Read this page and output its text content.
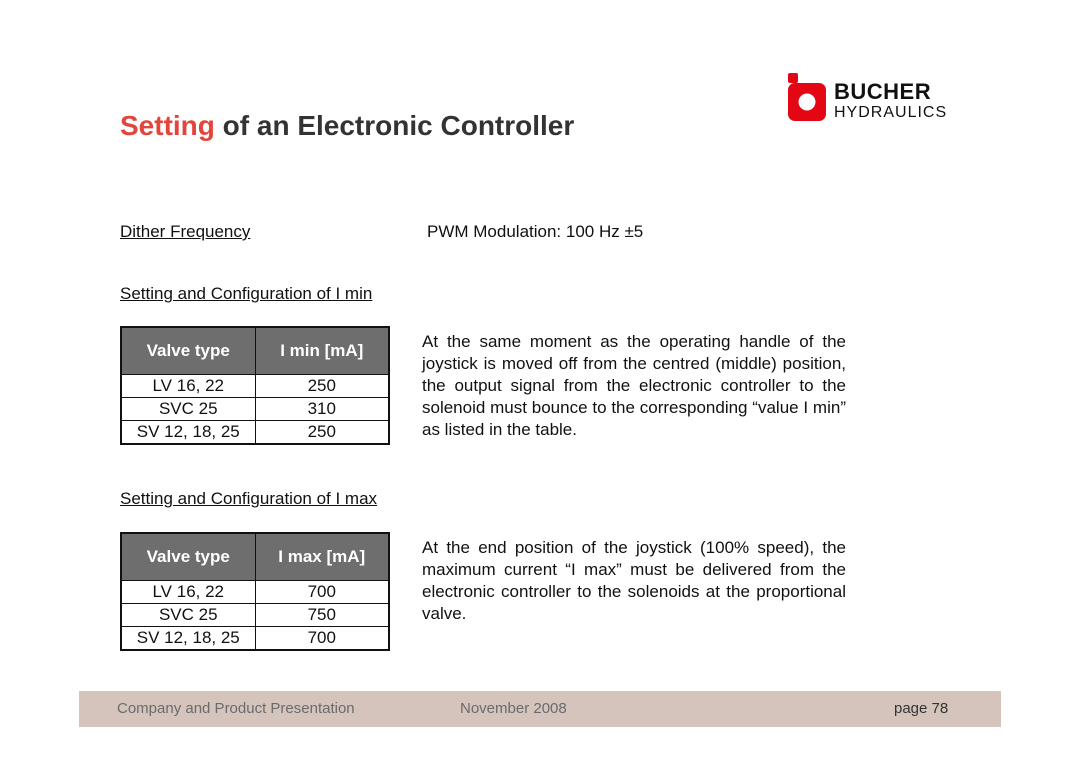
Setting of an Electronic Controller
BUCHER
HYDRAULICS
Dither Frequency	PWM Modulation: 100 Hz ±5
Setting and Configuration of I min
Valve type	I min [mA]
LV 16, 22	250
SVC 25	310
SV 12, 18, 25	250

At the same moment as the operating handle of the joystick is moved off from the centred (middle) position, the output signal from the electronic controller to the solenoid must bounce to the corresponding “value I min” as listed in the table.

Setting and Configuration of I max
Valve type	I max [mA]
LV 16, 22	700
SVC 25	750
SV 12, 18, 25	700

At the end position of the joystick (100% speed), the maximum current “I max” must be delivered from the electronic controller to the solenoids at the proportional valve.

Company and Product Presentation	November 2008	page 78
